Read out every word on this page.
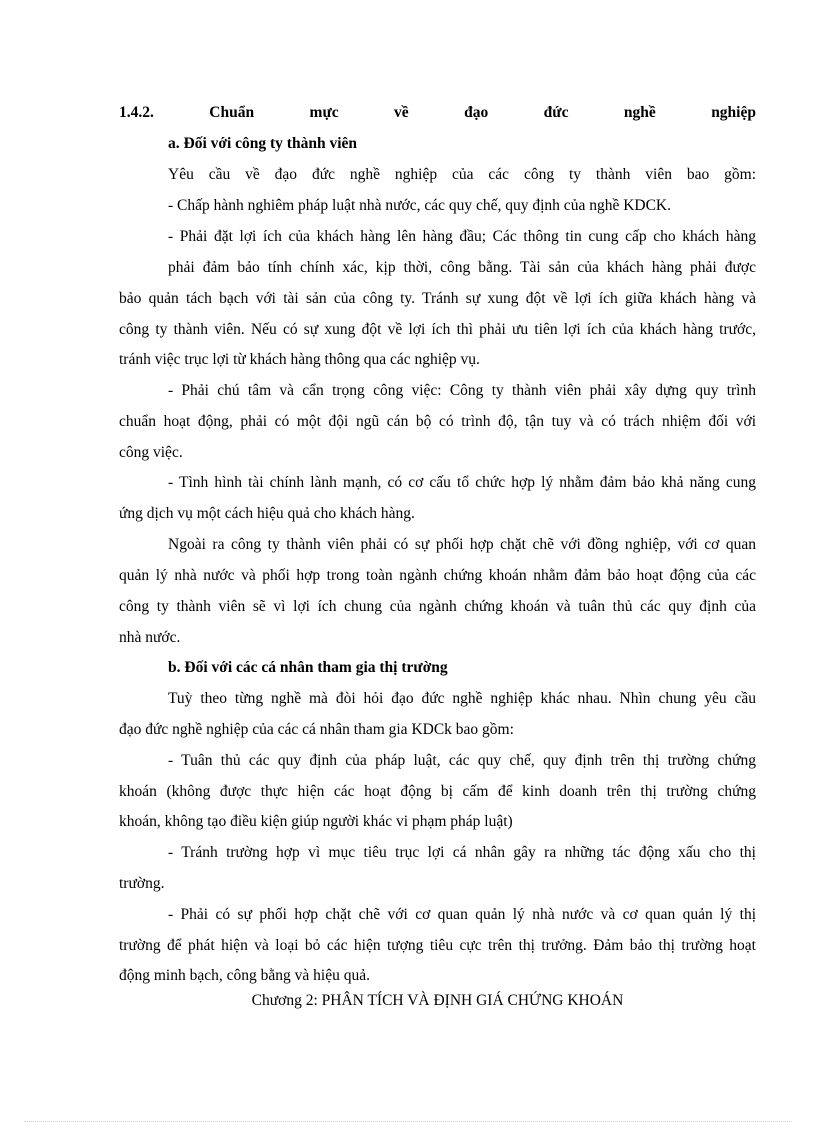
1.4.2.	Chuẩn	mực	về	đạo	đức	nghề	nghiệp

a. Đối với công ty thành viên

Yêu cầu về đạo đức nghề nghiệp của các công ty thành viên bao gồm:

- Chấp hành nghiêm pháp luật nhà nước, các quy chế, quy định của nghề KDCK.

- Phải đặt lợi ích của khách hàng lên hàng đầu; Các thông tin cung cấp cho khách hàng

phải đảm bảo tính chính xác, kịp thời, công bằng. Tài sản của khách hàng phải được

bảo quản tách bạch với tài sản của công ty. Tránh sự xung đột về lợi ích giữa khách hàng và

công ty thành viên. Nếu có sự xung đột về lợi ích thì phải ưu tiên lợi ích của khách hàng trước,

tránh việc trục lợi từ khách hàng thông qua các nghiệp vụ.

- Phải chú tâm và cẩn trọng công việc: Công ty thành viên phải xây dựng quy trình

chuẩn hoạt động, phải có một đội ngũ cán bộ có trình độ, tận tuy và có trách nhiệm đối với

công việc.

- Tình hình tài chính lành mạnh, có cơ cấu tổ chức hợp lý nhằm đảm bảo khả năng cung

ứng dịch vụ một cách hiệu quả cho khách hàng.

Ngoài ra công ty thành viên phải có sự phối hợp chặt chẽ với đồng nghiệp, với cơ quan

quản lý nhà nước và phối hợp trong toàn ngành chứng khoán nhằm đảm bảo hoạt động của các

công ty thành viên sẽ vì lợi ích chung của ngành chứng khoán và tuân thủ các quy định của

nhà nước.

b. Đối với các cá nhân tham gia thị trường

Tuỳ theo từng nghề mà đòi hỏi đạo đức nghề nghiệp khác nhau. Nhìn chung yêu cầu

đạo đức nghề nghiệp của các cá nhân tham gia KDCk bao gồm:

- Tuân thủ các quy định của pháp luật, các quy chế, quy định trên thị trường chứng

khoán (không được thực hiện các hoạt động bị cấm để kinh doanh trên thị trường chứng

khoán, không tạo điều kiện giúp người khác vi phạm pháp luật)

- Tránh trường hợp vì mục tiêu trục lợi cá nhân gây ra những tác động xấu cho thị

trường.

- Phải có sự phối hợp chặt chẽ với cơ quan quản lý nhà nước và cơ quan quản lý thị

trường để phát hiện và loại bỏ các hiện tượng tiêu cực trên thị trưởng. Đảm bảo thị trường hoạt

động minh bạch, công bằng và hiệu quả.

Chương 2: PHÂN TÍCH VÀ ĐỊNH GIÁ CHỨNG KHOÁN
